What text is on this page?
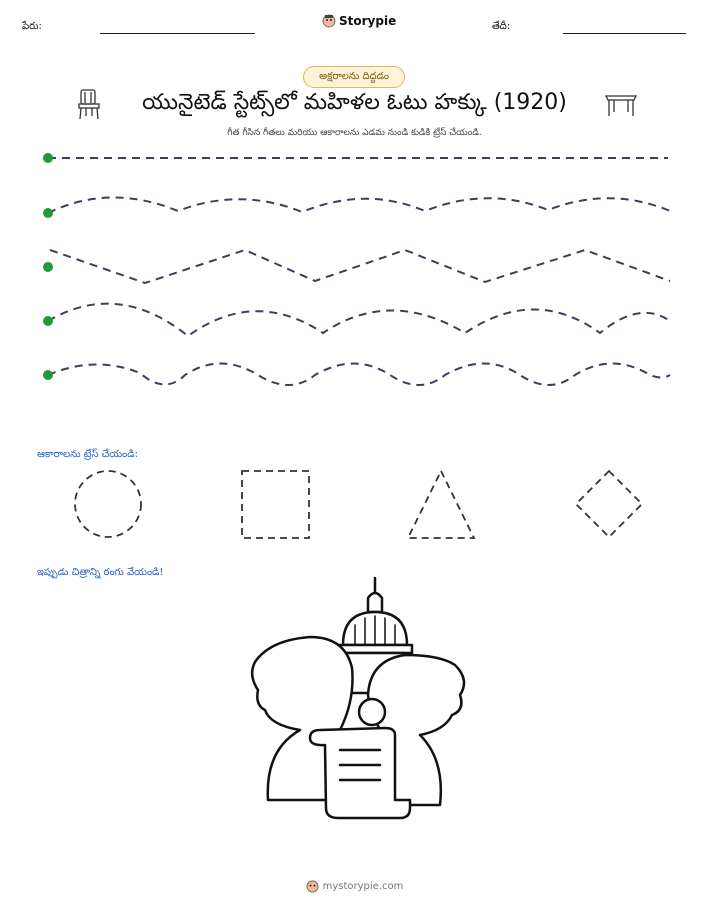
పేరు:	Storypie	తేదీ:
అక్షరాలను దిద్దడం
యునైటెడ్ స్టేట్స్‌లో మహిళల ఓటు హక్కు (1920)
గీత గీసిన గీతలు మరియు ఆకారాలను ఎడమ నుండి కుడికి ట్రేస్ చేయండి.
ఆకారాలను ట్రేస్ చేయండి:
ఇప్పుడు చిత్రాన్ని రంగు వేయండి!
mystorypie.com
